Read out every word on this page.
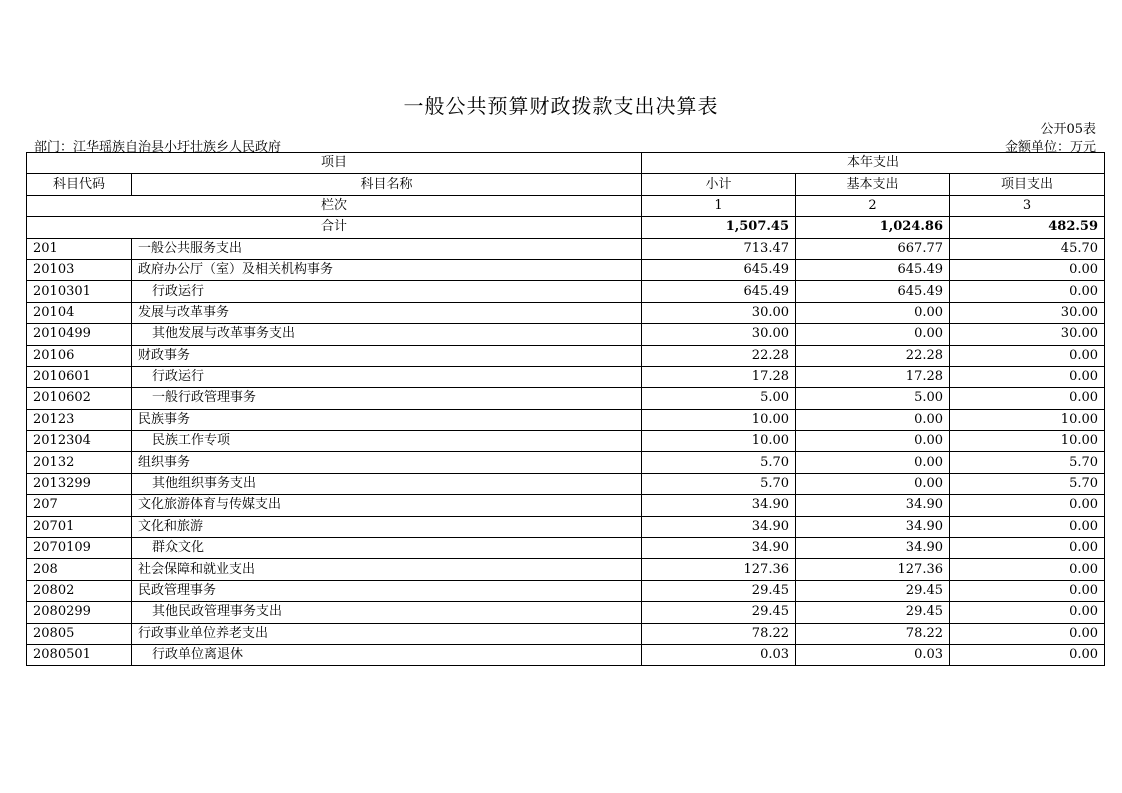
一般公共预算财政拨款支出决算表
公开05表
部门：江华瑶族自治县小圩壮族乡人民政府	金额单位：万元
项目		本年支出		
科目代码	科目名称	小计	基本支出	项目支出
栏次		1	2	3
合计		1,507.45	1,024.86	482.59
201	一般公共服务支出	713.47	667.77	45.70
20103	政府办公厅（室）及相关机构事务	645.49	645.49	0.00
2010301	行政运行	645.49	645.49	0.00
20104	发展与改革事务	30.00	0.00	30.00
2010499	其他发展与改革事务支出	30.00	0.00	30.00
20106	财政事务	22.28	22.28	0.00
2010601	行政运行	17.28	17.28	0.00
2010602	一般行政管理事务	5.00	5.00	0.00
20123	民族事务	10.00	0.00	10.00
2012304	民族工作专项	10.00	0.00	10.00
20132	组织事务	5.70	0.00	5.70
2013299	其他组织事务支出	5.70	0.00	5.70
207	文化旅游体育与传媒支出	34.90	34.90	0.00
20701	文化和旅游	34.90	34.90	0.00
2070109	群众文化	34.90	34.90	0.00
208	社会保障和就业支出	127.36	127.36	0.00
20802	民政管理事务	29.45	29.45	0.00
2080299	其他民政管理事务支出	29.45	29.45	0.00
20805	行政事业单位养老支出	78.22	78.22	0.00
2080501	行政单位离退休	0.03	0.03	0.00
